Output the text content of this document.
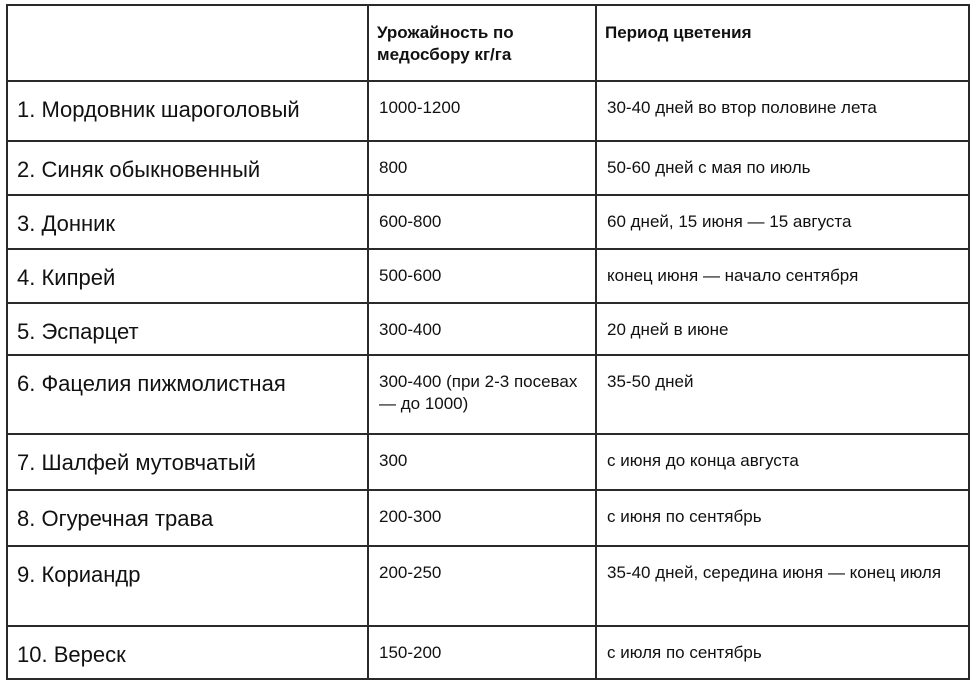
	Урожайность по медосбору кг/га	Период цветения

1. Мордовник шароголовый	1000-1200	30-40 дней во втор половине лета
2. Синяк обыкновенный	800	50-60 дней с мая по июль
3. Донник	600-800	60 дней, 15 июня — 15 августа
4. Кипрей	500-600	конец июня — начало сентября
5. Эспарцет	300-400	20 дней в июне
6. Фацелия пижмолистная	300-400 (при 2-3 посевах — до 1000)	35-50 дней
7. Шалфей мутовчатый	300	с июня до конца августа
8. Огуречная трава	200-300	с июня по сентябрь
9. Кориандр	200-250	35-40 дней, середина июня — конец июля
10. Вереск	150-200	с июля по сентябрь
